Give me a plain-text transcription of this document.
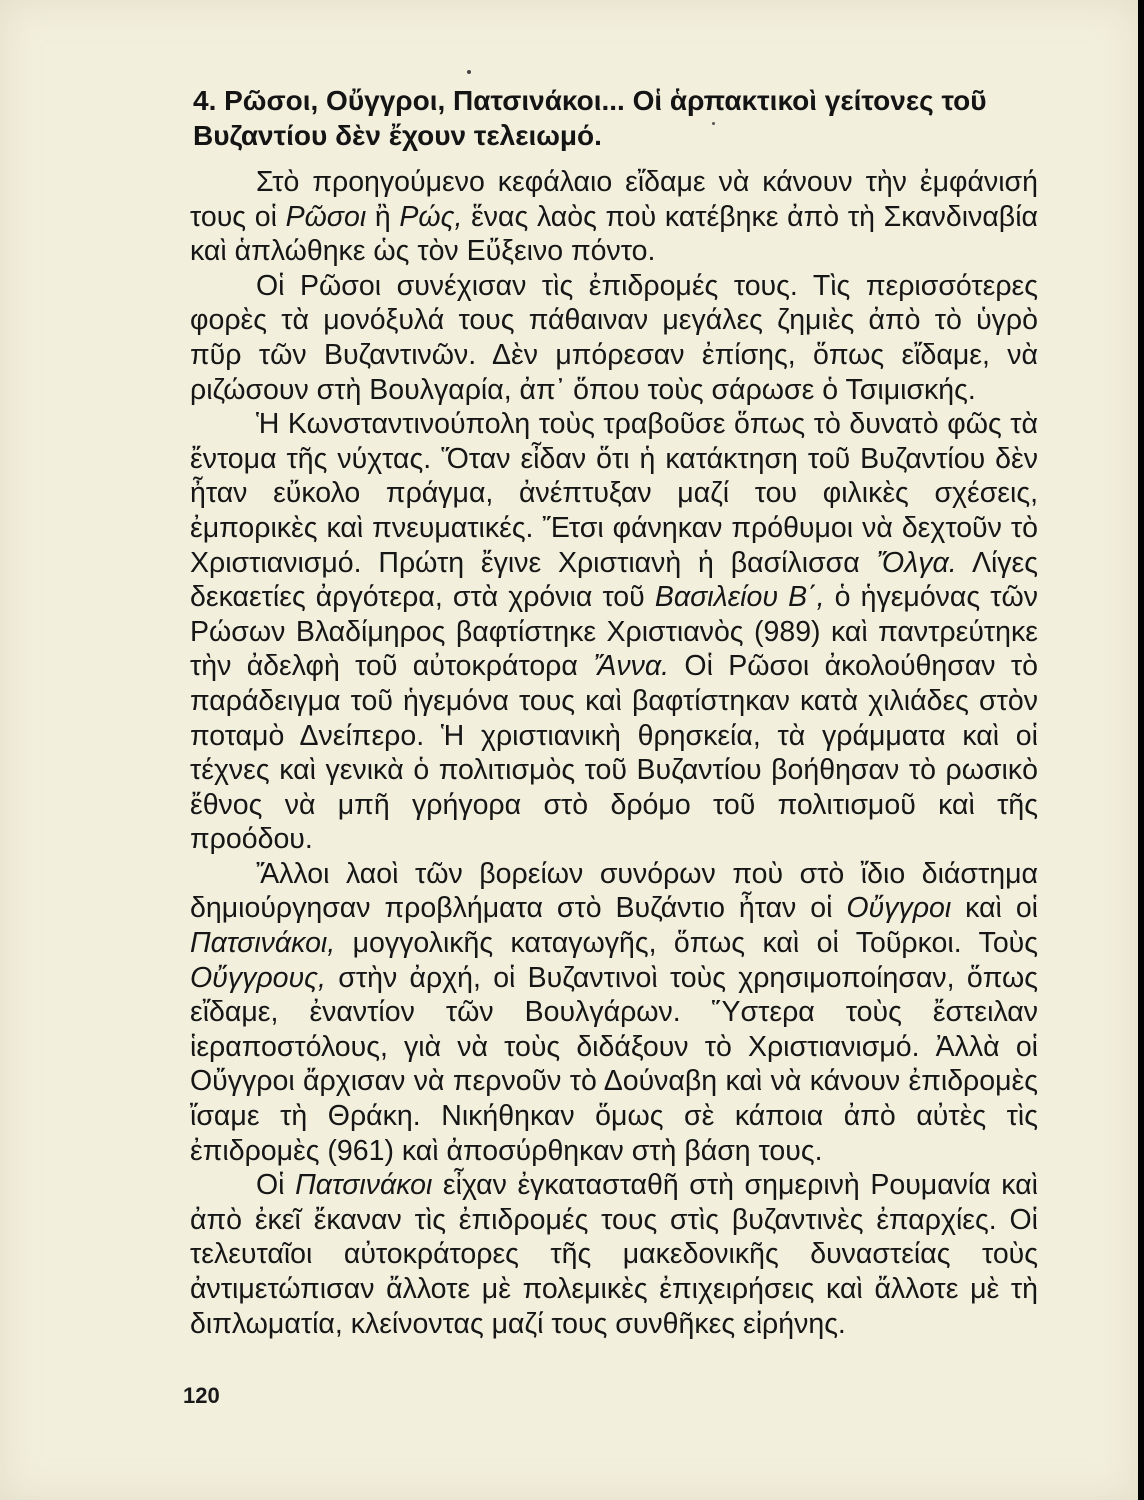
4. Ρῶσοι, Οὔγγροι, Πατσινάκοι... Οἱ ἁρπακτικοὶ γείτονες τοῦ
Βυζαντίου δὲν ἔχουν τελειωμό.

Στὸ προηγούμενο κεφάλαιο εἴδαμε νὰ κάνουν τὴν ἐμφάνισή τους οἱ Ρῶσοι ἢ Ρώς, ἕνας λαὸς ποὺ κατέβηκε ἀπὸ τὴ Σκανδιναβία καὶ ἁπλώθηκε ὡς τὸν Εὔξεινο πόντο.

Οἱ Ρῶσοι συνέχισαν τὶς ἐπιδρομές τους. Τὶς περισσότερες φορὲς τὰ μονόξυλά τους πάθαιναν μεγάλες ζημιὲς ἀπὸ τὸ ὑγρὸ πῦρ τῶν Βυζαντινῶν. Δὲν μπόρεσαν ἐπίσης, ὅπως εἴδαμε, νὰ ριζώσουν στὴ Βουλγαρία, ἀπ᾽ ὅπου τοὺς σάρωσε ὁ Τσιμισκής.

Ἡ Κωνσταντινούπολη τοὺς τραβοῦσε ὅπως τὸ δυνατὸ φῶς τὰ ἔντομα τῆς νύχτας. Ὅταν εἶδαν ὅτι ἡ κατάκτηση τοῦ Βυζαντίου δὲν ἦταν εὔκολο πράγμα, ἀνέπτυξαν μαζί του φιλικὲς σχέσεις, ἐμπορικὲς καὶ πνευματικές. Ἔτσι φάνηκαν πρόθυμοι νὰ δεχτοῦν τὸ Χριστιανισμό. Πρώτη ἔγινε Χριστιανὴ ἡ βασίλισσα Ὄλγα. Λίγες δεκαετίες ἀργότερα, στὰ χρόνια τοῦ Βασιλείου Β΄, ὁ ἡγεμόνας τῶν Ρώσων Βλαδίμηρος βαφτίστηκε Χριστιανὸς (989) καὶ παντρεύτηκε τὴν ἀδελφὴ τοῦ αὐτοκράτορα Ἄννα. Οἱ Ρῶσοι ἀκολούθησαν τὸ παράδειγμα τοῦ ἡγεμόνα τους καὶ βαφτίστηκαν κατὰ χιλιάδες στὸν ποταμὸ Δνείπερο. Ἡ χριστιανικὴ θρησκεία, τὰ γράμματα καὶ οἱ τέχνες καὶ γενικὰ ὁ πολιτισμὸς τοῦ Βυζαντίου βοήθησαν τὸ ρωσικὸ ἔθνος νὰ μπῆ γρήγορα στὸ δρόμο τοῦ πολιτισμοῦ καὶ τῆς προόδου.

Ἄλλοι λαοὶ τῶν βορείων συνόρων ποὺ στὸ ἴδιο διάστημα δημιούργησαν προβλήματα στὸ Βυζάντιο ἦταν οἱ Οὔγγροι καὶ οἱ Πατσινάκοι, μογγολικῆς καταγωγῆς, ὅπως καὶ οἱ Τοῦρκοι. Τοὺς Οὔγγρους, στὴν ἀρχή, οἱ Βυζαντινοὶ τοὺς χρησιμοποίησαν, ὅπως εἴδαμε, ἐναντίον τῶν Βουλγάρων. Ὕστερα τοὺς ἔστειλαν ἱεραποστόλους, γιὰ νὰ τοὺς διδάξουν τὸ Χριστιανισμό. Ἀλλὰ οἱ Οὔγγροι ἄρχισαν νὰ περνοῦν τὸ Δούναβη καὶ νὰ κάνουν ἐπιδρομὲς ἴσαμε τὴ Θράκη. Νικήθηκαν ὅμως σὲ κάποια ἀπὸ αὐτὲς τὶς ἐπιδρομὲς (961) καὶ ἀποσύρθηκαν στὴ βάση τους.

Οἱ Πατσινάκοι εἶχαν ἐγκατασταθῆ στὴ σημερινὴ Ρουμανία καὶ ἀπὸ ἐκεῖ ἔκαναν τὶς ἐπιδρομές τους στὶς βυζαντινὲς ἐπαρχίες. Οἱ τελευταῖοι αὐτοκράτορες τῆς μακεδονικῆς δυναστείας τοὺς ἀντιμετώπισαν ἄλλοτε μὲ πολεμικὲς ἐπιχειρήσεις καὶ ἄλλοτε μὲ τὴ διπλωματία, κλείνοντας μαζί τους συνθῆκες εἰρήνης.

120
